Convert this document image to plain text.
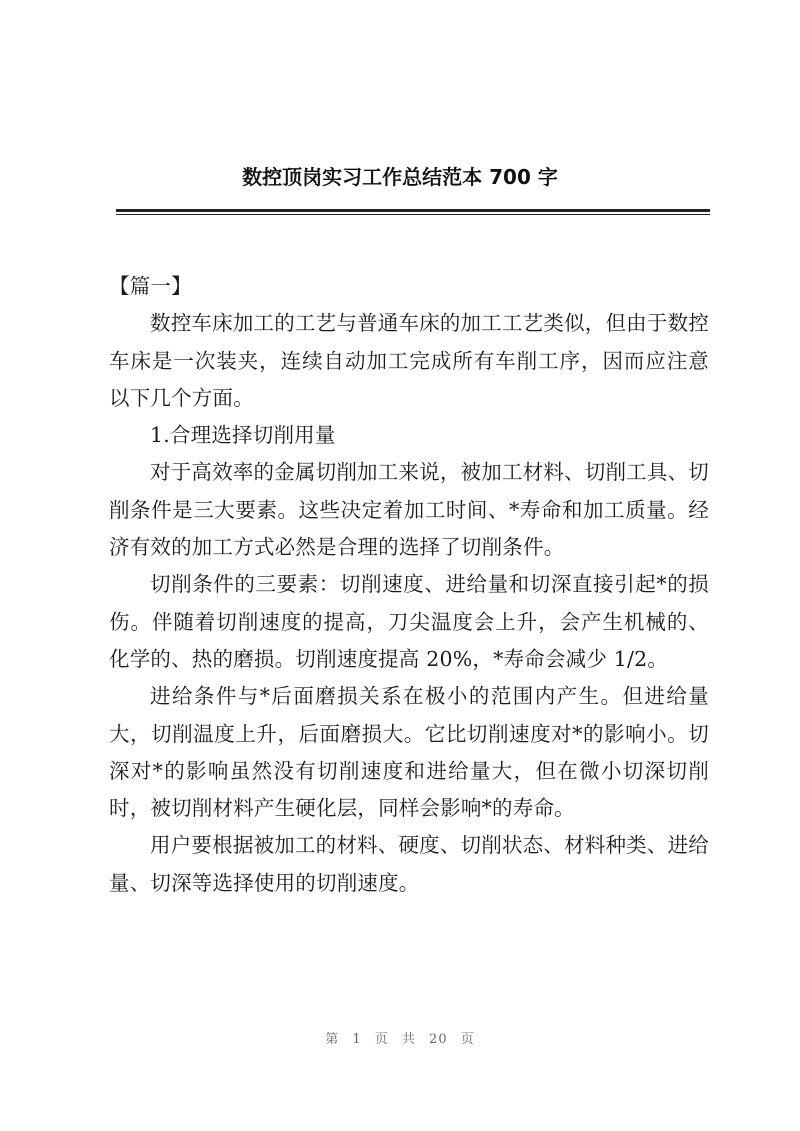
数控顶岗实习工作总结范本 700 字

【篇一】

数控车床加工的工艺与普通车床的加工工艺类似，但由于数控车床是一次装夹，连续自动加工完成所有车削工序，因而应注意以下几个方面。

1.合理选择切削用量

对于高效率的金属切削加工来说，被加工材料、切削工具、切削条件是三大要素。这些决定着加工时间、*寿命和加工质量。经济有效的加工方式必然是合理的选择了切削条件。

切削条件的三要素：切削速度、进给量和切深直接引起*的损伤。伴随着切削速度的提高，刀尖温度会上升，会产生机械的、化学的、热的磨损。切削速度提高 20%，*寿命会减少 1/2。

进给条件与*后面磨损关系在极小的范围内产生。但进给量大，切削温度上升，后面磨损大。它比切削速度对*的影响小。切深对*的影响虽然没有切削速度和进给量大，但在微小切深切削时，被切削材料产生硬化层，同样会影响*的寿命。

用户要根据被加工的材料、硬度、切削状态、材料种类、进给量、切深等选择使用的切削速度。

第 1 页 共 20 页
